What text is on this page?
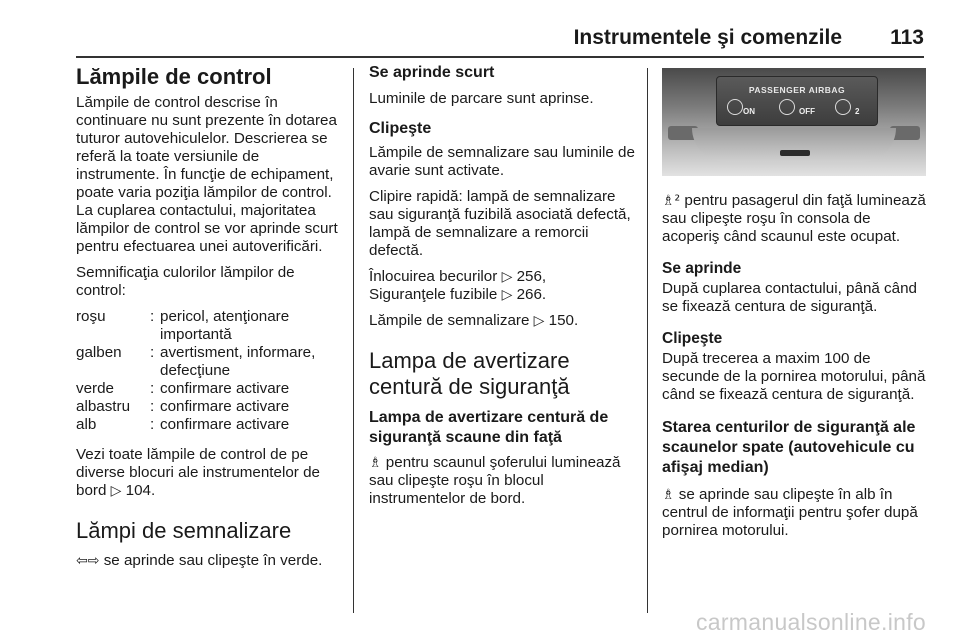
Instrumentele şi comenzile 113
Lămpile de control

Lămpile de control descrise în continuare nu sunt prezente în dotarea tuturor autovehiculelor. Descrierea se referă la toate versiunile de instrumente. În funcţie de echipament, poate varia poziţia lămpilor de control. La cuplarea contactului, majoritatea lămpilor de control se vor aprinde scurt pentru efectuarea unei autoverificări.

Semnificaţia culorilor lămpilor de control:

roşu	: pericol, atenţionare importantă
galben	: avertisment, informare, defecţiune
verde	: confirmare activare
albastru	: confirmare activare
alb	: confirmare activare

Vezi toate lămpile de control de pe diverse blocuri ale instrumentelor de bord ▷ 104.

Lămpi de semnalizare

⇦⇨ se aprinde sau clipeşte în verde.

Se aprinde scurt

Luminile de parcare sunt aprinse.

Clipeşte

Lămpile de semnalizare sau luminile de avarie sunt activate.

Clipire rapidă: lampă de semnalizare sau siguranţă fuzibilă asociată defectă, lampă de semnalizare a remorcii defectă.

Înlocuirea becurilor ▷ 256,
Siguranţele fuzibile ▷ 266.

Lămpile de semnalizare ▷ 150.

Lampa de avertizare centură de siguranţă
Lampa de avertizare centură de siguranţă scaune din faţă

♗ pentru scaunul şoferului luminează sau clipeşte roşu în blocul instrumentelor de bord.

PASSENGER AIRBAG
ON	OFF	2

♗² pentru pasagerul din faţă luminează sau clipeşte roşu în consola de acoperiş când scaunul este ocupat.

Se aprinde

După cuplarea contactului, până când se fixează centura de siguranţă.

Clipeşte

După trecerea a maxim 100 de secunde de la pornirea motorului, până când se fixează centura de siguranţă.

Starea centurilor de siguranţă ale scaunelor spate (autovehicule cu afişaj median)

♗ se aprinde sau clipeşte în alb în centrul de informaţii pentru şofer după pornirea motorului.

carmanualsonline.info
